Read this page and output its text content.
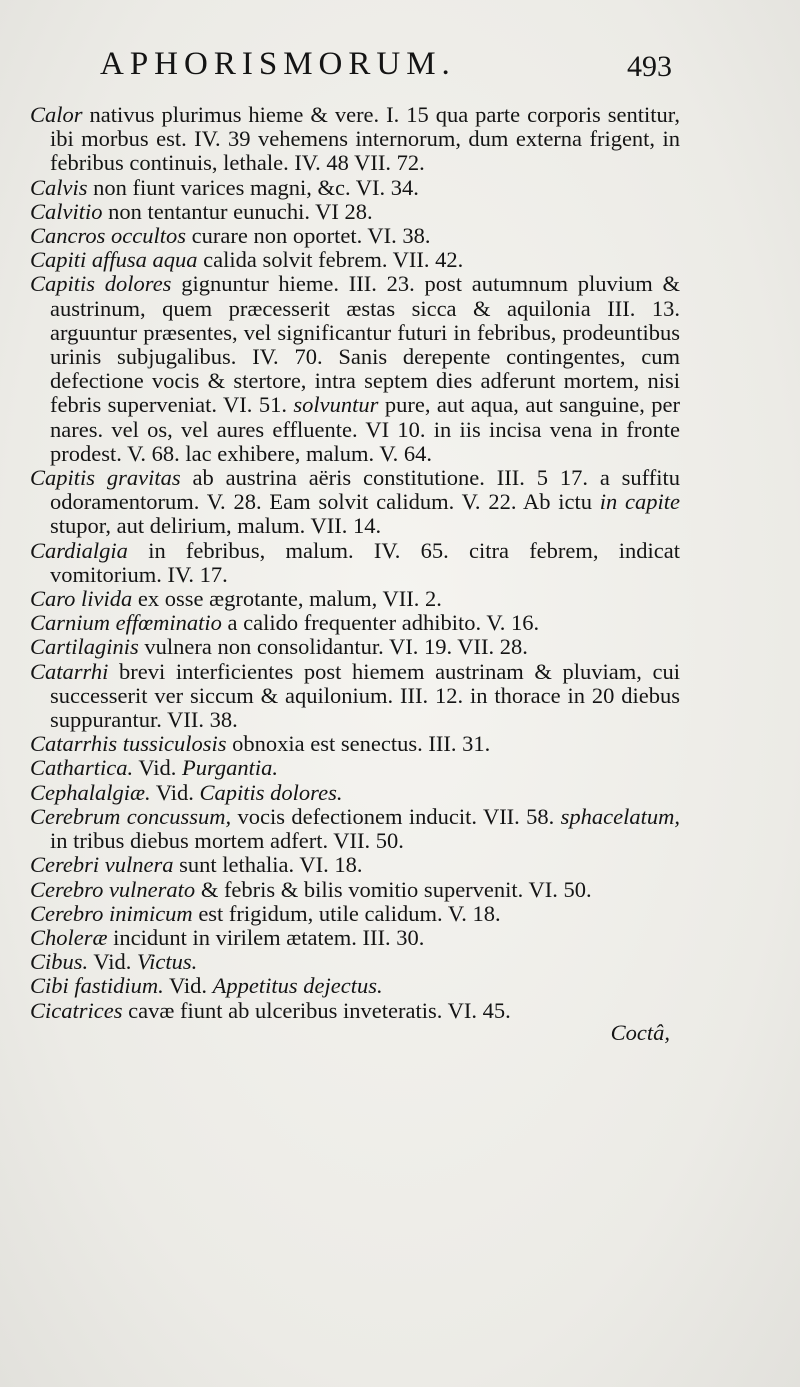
APHORISMORUM.	493
Calor nativus plurimus hieme & vere. I. 15 qua parte corporis sentitur, ibi morbus est. IV. 39 vehemens internorum, dum externa frigent, in febribus continuis, lethale. IV. 48 VII. 72.
Calvis non fiunt varices magni, &c. VI. 34.
Calvitio non tentantur eunuchi. VI 28.
Cancros occultos curare non oportet. VI. 38.
Capiti affusa aqua calida solvit febrem. VII. 42.
Capitis dolores gignuntur hieme. III. 23. post autumnum pluvium & austrinum, quem præcesserit æstas sicca & aquilonia III. 13. arguuntur præsentes, vel significantur futuri in febribus, prodeuntibus urinis subjugalibus. IV. 70. Sanis derepente contingentes, cum defectione vocis & stertore, intra septem dies adferunt mortem, nisi febris superveniat. VI. 51. solvuntur pure, aut aqua, aut sanguine, per nares. vel os, vel aures effluente. VI 10. in iis incisa vena in fronte prodest. V. 68. lac exhibere, malum. V. 64.
Capitis gravitas ab austrina aëris constitutione. III. 5 17. a suffitu odoramentorum. V. 28. Eam solvit calidum. V. 22. Ab ictu in capite stupor, aut delirium, malum. VII. 14.
Cardialgia in febribus, malum. IV. 65. citra febrem, indicat vomitorium. IV. 17.
Caro livida ex osse ægrotante, malum, VII. 2.
Carnium effœminatio a calido frequenter adhibito. V. 16.
Cartilaginis vulnera non consolidantur. VI. 19. VII. 28.
Catarrhi brevi interficientes post hiemem austrinam & pluviam, cui successerit ver siccum & aquilonium. III. 12. in thorace in 20 diebus suppurantur. VII. 38.
Catarrhis tussiculosis obnoxia est senectus. III. 31.
Cathartica. Vid. Purgantia.
Cephalalgiæ. Vid. Capitis dolores.
Cerebrum concussum, vocis defectionem inducit. VII. 58. sphacelatum, in tribus diebus mortem adfert. VII. 50.
Cerebri vulnera sunt lethalia. VI. 18.
Cerebro vulnerato & febris & bilis vomitio supervenit. VI. 50.
Cerebro inimicum est frigidum, utile calidum. V. 18.
Choleræ incidunt in virilem ætatem. III. 30.
Cibus. Vid. Victus.
Cibi fastidium. Vid. Appetitus dejectus.
Cicatrices cavæ fiunt ab ulceribus inveteratis. VI. 45.
Coctâ,
